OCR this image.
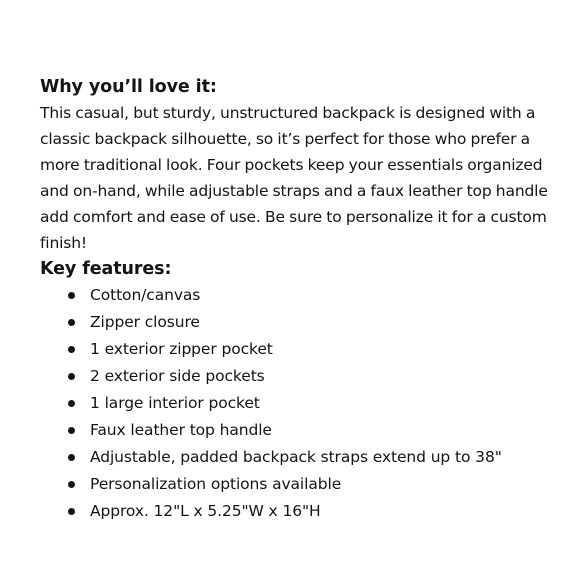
Why you’ll love it:

This casual, but sturdy, unstructured backpack is designed with a classic backpack silhouette, so it’s perfect for those who prefer a more traditional look. Four pockets keep your essentials organized and on-hand, while adjustable straps and a faux leather top handle add comfort and ease of use. Be sure to personalize it for a custom finish!

Key features:
Cotton/canvas
Zipper closure
1 exterior zipper pocket
2 exterior side pockets
1 large interior pocket
Faux leather top handle
Adjustable, padded backpack straps extend up to 38"
Personalization options available
Approx. 12"L x 5.25"W x 16"H
